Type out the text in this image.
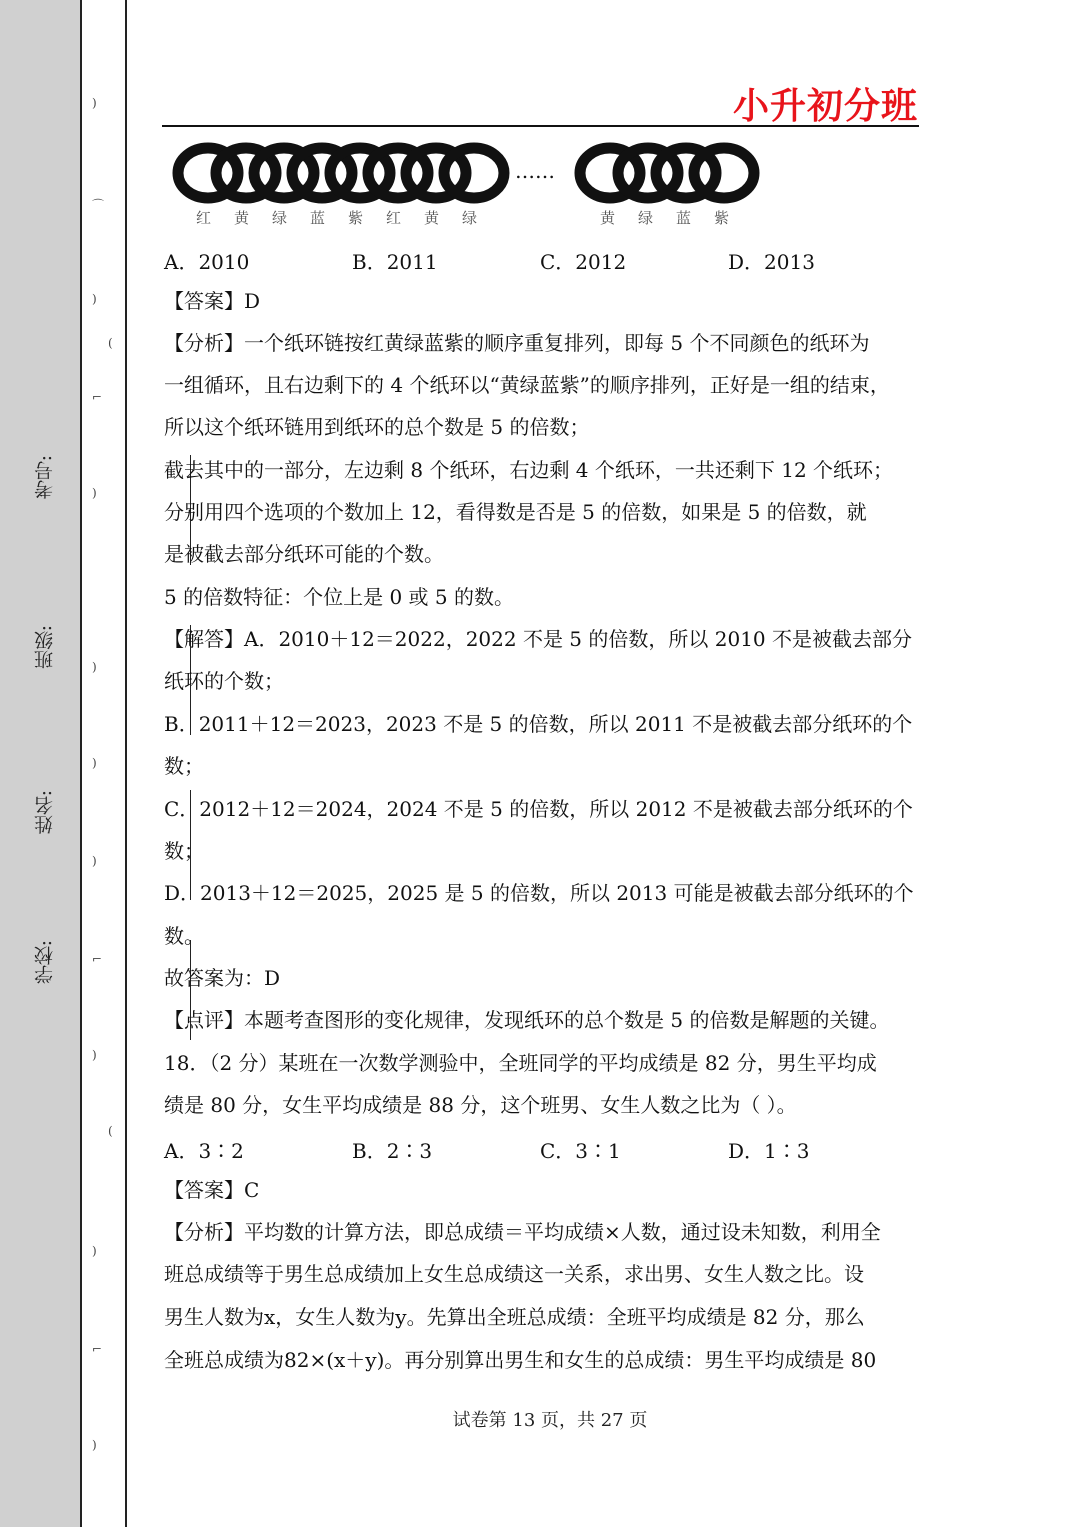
)
⌒
)
(
⌐
)
)
)
)
⌐
)
(
)
⌐
)
考号:
班级:
姓名:
学校:
小升初分班
……
红 黄 绿 蓝 紫 红 黄 绿	黄 绿 蓝 紫
A．2010	B．2011	C．2012	D．2013
【答案】D
【分析】一个纸环链按红黄绿蓝紫的顺序重复排列，即每 5 个不同颜色的纸环为
一组循环，且右边剩下的 4 个纸环以“黄绿蓝紫”的顺序排列，正好是一组的结束，
所以这个纸环链用到纸环的总个数是 5 的倍数；
截去其中的一部分，左边剩 8 个纸环，右边剩 4 个纸环，一共还剩下 12 个纸环；
分别用四个选项的个数加上 12，看得数是否是 5 的倍数，如果是 5 的倍数，就
是被截去部分纸环可能的个数。
5 的倍数特征：个位上是 0 或 5 的数。
【解答】A．2010＋12＝2022，2022 不是 5 的倍数，所以 2010 不是被截去部分
纸环的个数；
B．2011＋12＝2023，2023 不是 5 的倍数，所以 2011 不是被截去部分纸环的个
数；
C．2012＋12＝2024，2024 不是 5 的倍数，所以 2012 不是被截去部分纸环的个
数；
D．2013＋12＝2025，2025 是 5 的倍数，所以 2013 可能是被截去部分纸环的个
数。
故答案为：D
【点评】本题考查图形的变化规律，发现纸环的总个数是 5 的倍数是解题的关键。
18．（2 分）某班在一次数学测验中，全班同学的平均成绩是 82 分，男生平均成
绩是 80 分，女生平均成绩是 88 分，这个班男、女生人数之比为（ ）。
A．3∶2	B．2∶3	C．3∶1	D．1∶3
【答案】C
【分析】平均数的计算方法，即总成绩＝平均成绩×人数，通过设未知数，利用全
班总成绩等于男生总成绩加上女生总成绩这一关系，求出男、女生人数之比。设
男生人数为x，女生人数为y。先算出全班总成绩：全班平均成绩是 82 分，那么
全班总成绩为82×(x＋y)。再分别算出男生和女生的总成绩：男生平均成绩是 80
试卷第 13 页，共 27 页
